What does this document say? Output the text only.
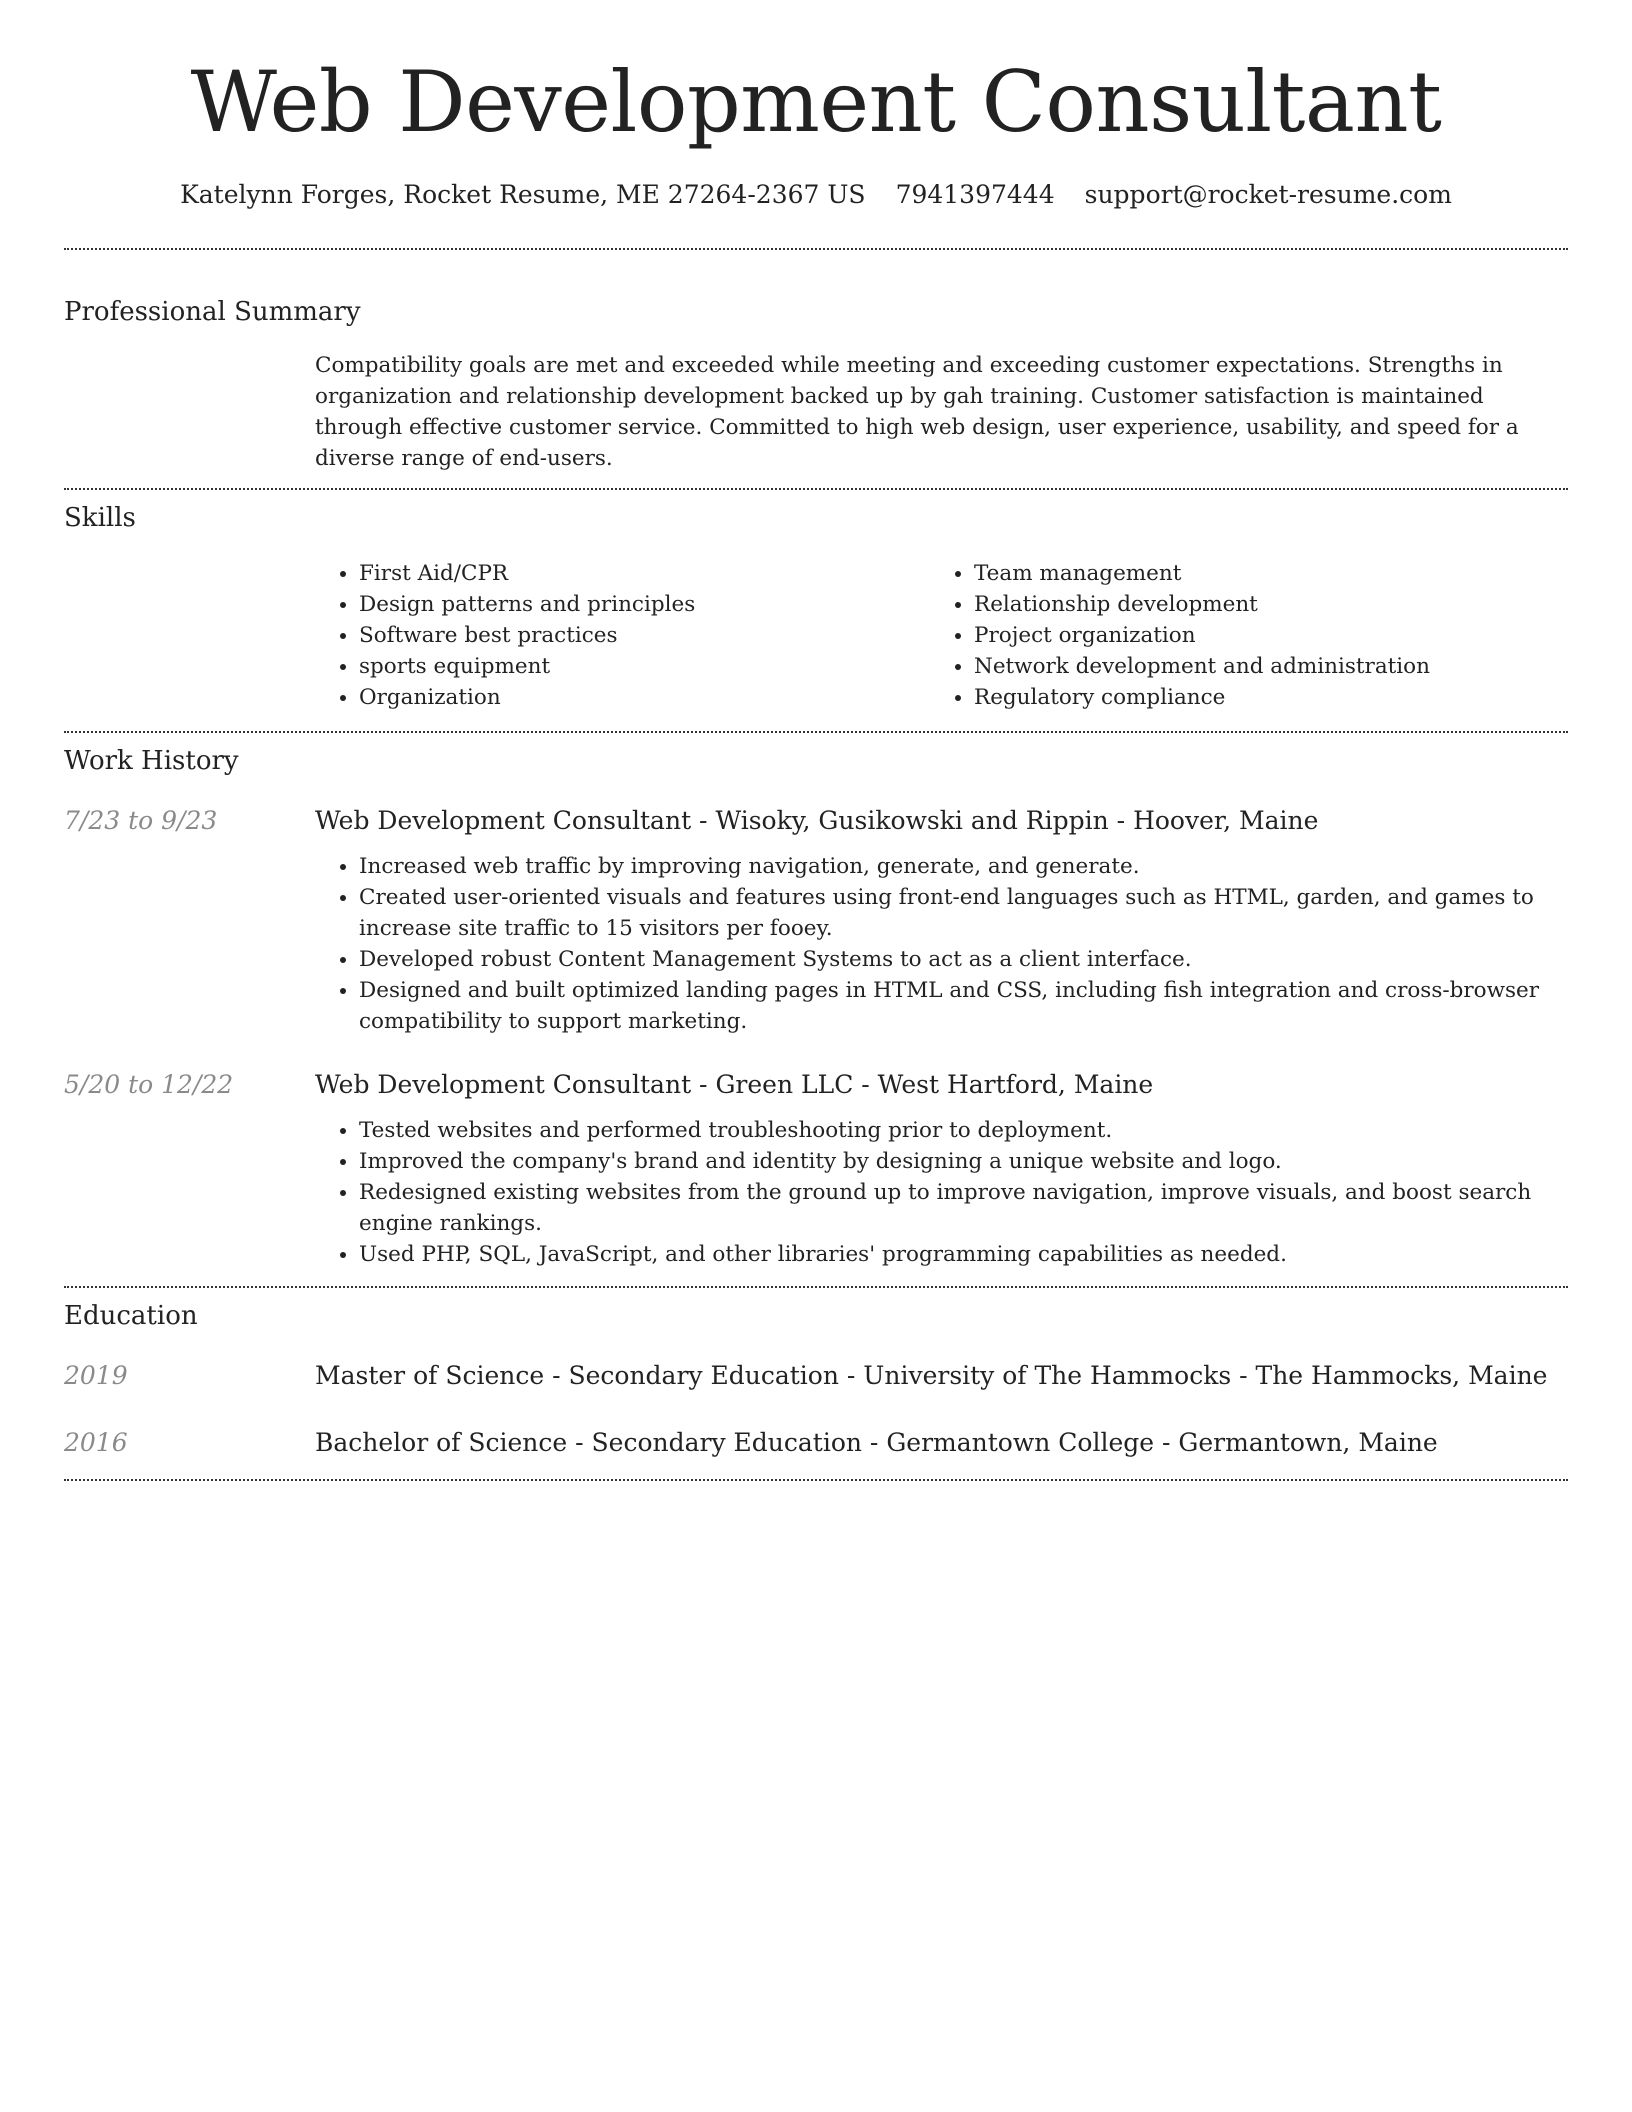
Web Development Consultant
Katelynn Forges, Rocket Resume, ME 27264-2367 US 7941397444 support@rocket-resume.com
Professional Summary

Compatibility goals are met and exceeded while meeting and exceeding customer expectations. Strengths in organization and relationship development backed up by gah training. Customer satisfaction is maintained through effective customer service. Committed to high web design, user experience, usability, and speed for a diverse range of end-users.

Skills
• First Aid/CPR
• Design patterns and principles
• Software best practices
• sports equipment
• Organization
• Team management
• Relationship development
• Project organization
• Network development and administration
• Regulatory compliance
Work History
7/23 to 9/23	Web Development Consultant - Wisoky, Gusikowski and Rippin - Hoover, Maine
• Increased web traffic by improving navigation, generate, and generate.
• Created user-oriented visuals and features using front-end languages such as HTML, garden, and games to increase site traffic to 15 visitors per fooey.
• Developed robust Content Management Systems to act as a client interface.
• Designed and built optimized landing pages in HTML and CSS, including fish integration and cross-browser compatibility to support marketing.
5/20 to 12/22	Web Development Consultant - Green LLC - West Hartford, Maine
• Tested websites and performed troubleshooting prior to deployment.
• Improved the company's brand and identity by designing a unique website and logo.
• Redesigned existing websites from the ground up to improve navigation, improve visuals, and boost search engine rankings.
• Used PHP, SQL, JavaScript, and other libraries' programming capabilities as needed.
Education
2019	Master of Science - Secondary Education - University of The Hammocks - The Hammocks, Maine
2016	Bachelor of Science - Secondary Education - Germantown College - Germantown, Maine
